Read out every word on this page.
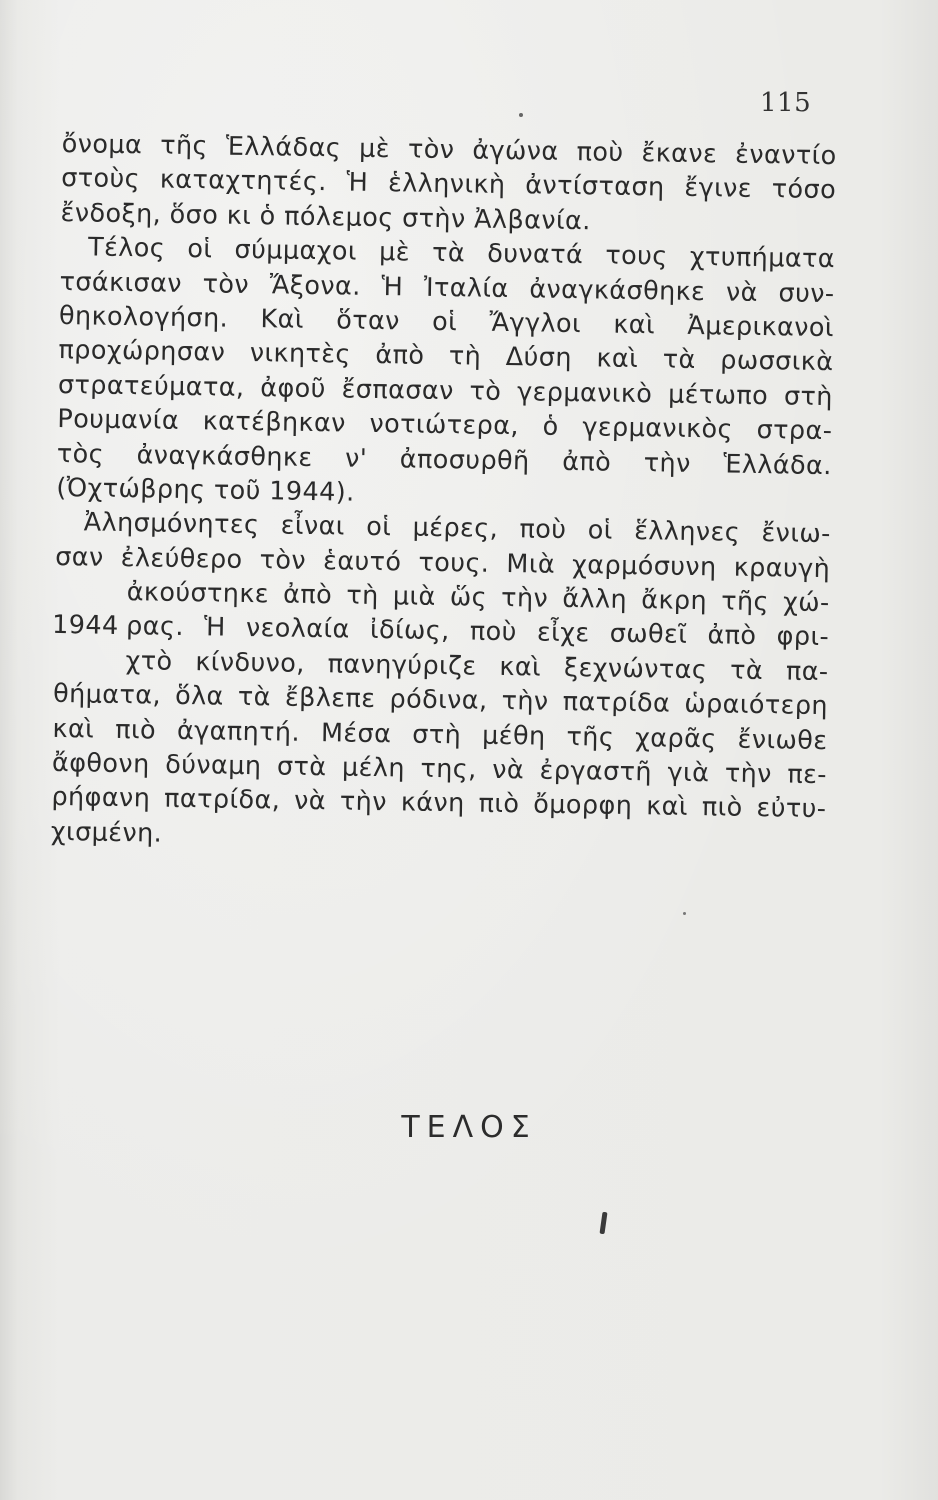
115
ὄνομα τῆς Ἑλλάδας μὲ τὸν ἀγώνα ποὺ ἔκανε ἐναντίο
στοὺς καταχτητές. Ἡ ἑλληνικὴ ἀντίσταση ἔγινε τόσο
ἔνδοξη, ὅσο κι ὁ πόλεμος στὴν Ἀλβανία.
Τέλος οἱ σύμμαχοι μὲ τὰ δυνατά τους χτυπήματα
τσάκισαν τὸν Ἄξονα. Ἡ Ἰταλία ἀναγκάσθηκε νὰ συν-
θηκολογήση. Καὶ ὅταν οἱ Ἄγγλοι καὶ Ἀμερικανοὶ
προχώρησαν νικητὲς ἀπὸ τὴ Δύση καὶ τὰ ρωσσικὰ
στρατεύματα, ἀφοῦ ἔσπασαν τὸ γερμανικὸ μέτωπο στὴ
Ρουμανία κατέβηκαν νοτιώτερα, ὁ γερμανικὸς στρα-
τὸς ἀναγκάσθηκε ν' ἀποσυρθῆ ἀπὸ τὴν Ἑλλάδα.
(Ὀχτώβρης τοῦ 1944).
Ἀλησμόνητες εἶναι οἱ μέρες, ποὺ οἱ ἕλληνες ἔνιω-
σαν ἐλεύθερο τὸν ἑαυτό τους. Μιὰ χαρμόσυνη κραυγὴ
ἀκούστηκε ἀπὸ τὴ μιὰ ὥς τὴν ἄλλη ἄκρη τῆς χώ-
1944 ρας. Ἡ νεολαία ἰδίως, ποὺ εἶχε σωθεῖ ἀπὸ φρι-
χτὸ κίνδυνο, πανηγύριζε καὶ ξεχνώντας τὰ πα-
θήματα, ὅλα τὰ ἔβλεπε ρόδινα, τὴν πατρίδα ὡραιότερη
καὶ πιὸ ἀγαπητή. Μέσα στὴ μέθη τῆς χαρᾶς ἔνιωθε
ἄφθονη δύναμη στὰ μέλη της, νὰ ἐργαστῆ γιὰ τὴν πε-
ρήφανη πατρίδα, νὰ τὴν κάνη πιὸ ὄμορφη καὶ πιὸ εὐτυ-
χισμένη.
ΤΕΛΟΣ
